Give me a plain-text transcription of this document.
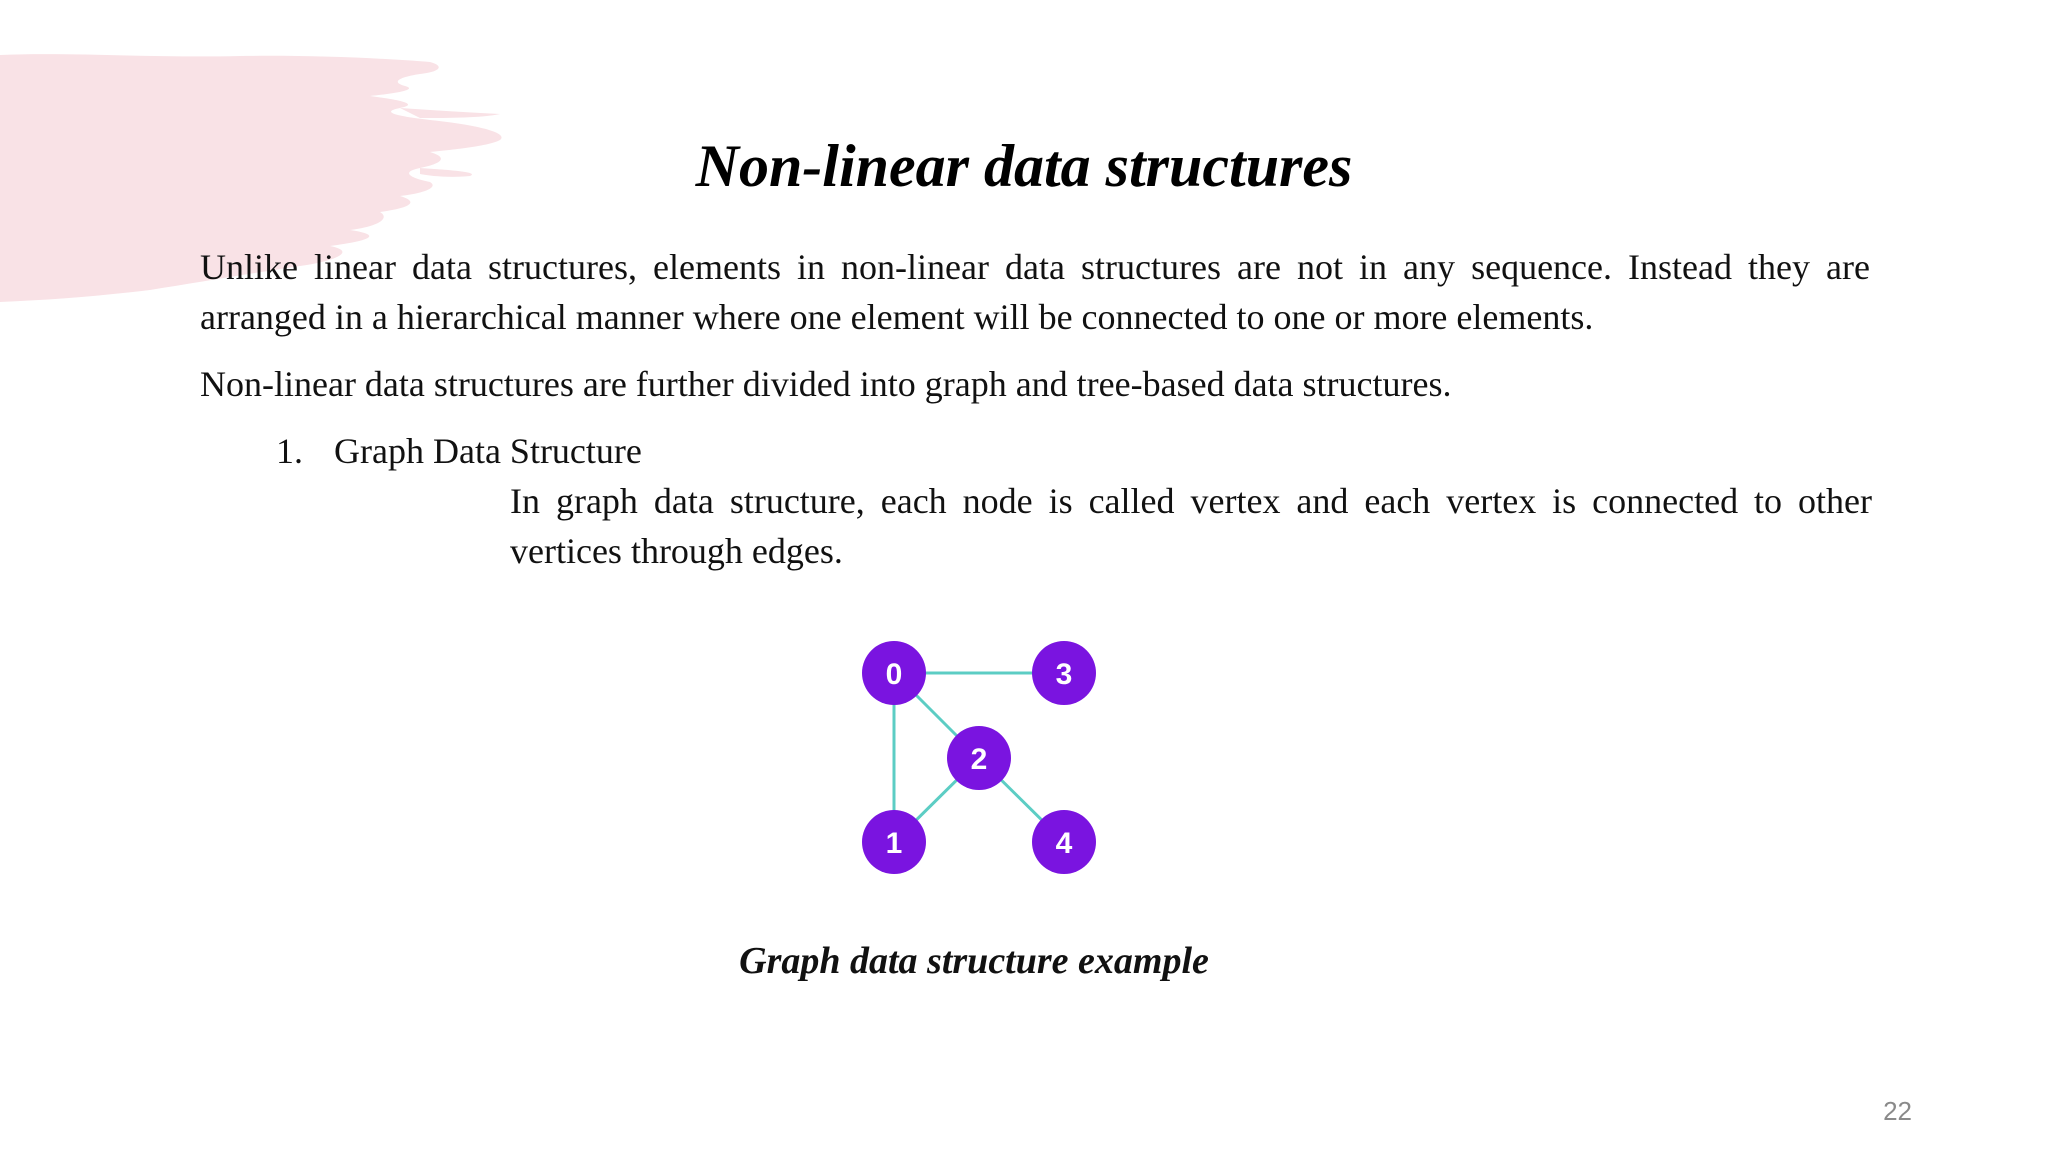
Non-linear data structures

Unlike linear data structures, elements in non-linear data structures are not in any sequence. Instead they are arranged in a hierarchical manner where one element will be connected to one or more elements.

Non-linear data structures are further divided into graph and tree-based data structures.

1. Graph Data Structure

In graph data structure, each node is called vertex and each vertex is connected to other vertices through edges.

0	3
2
1	4

Graph data structure example

22
